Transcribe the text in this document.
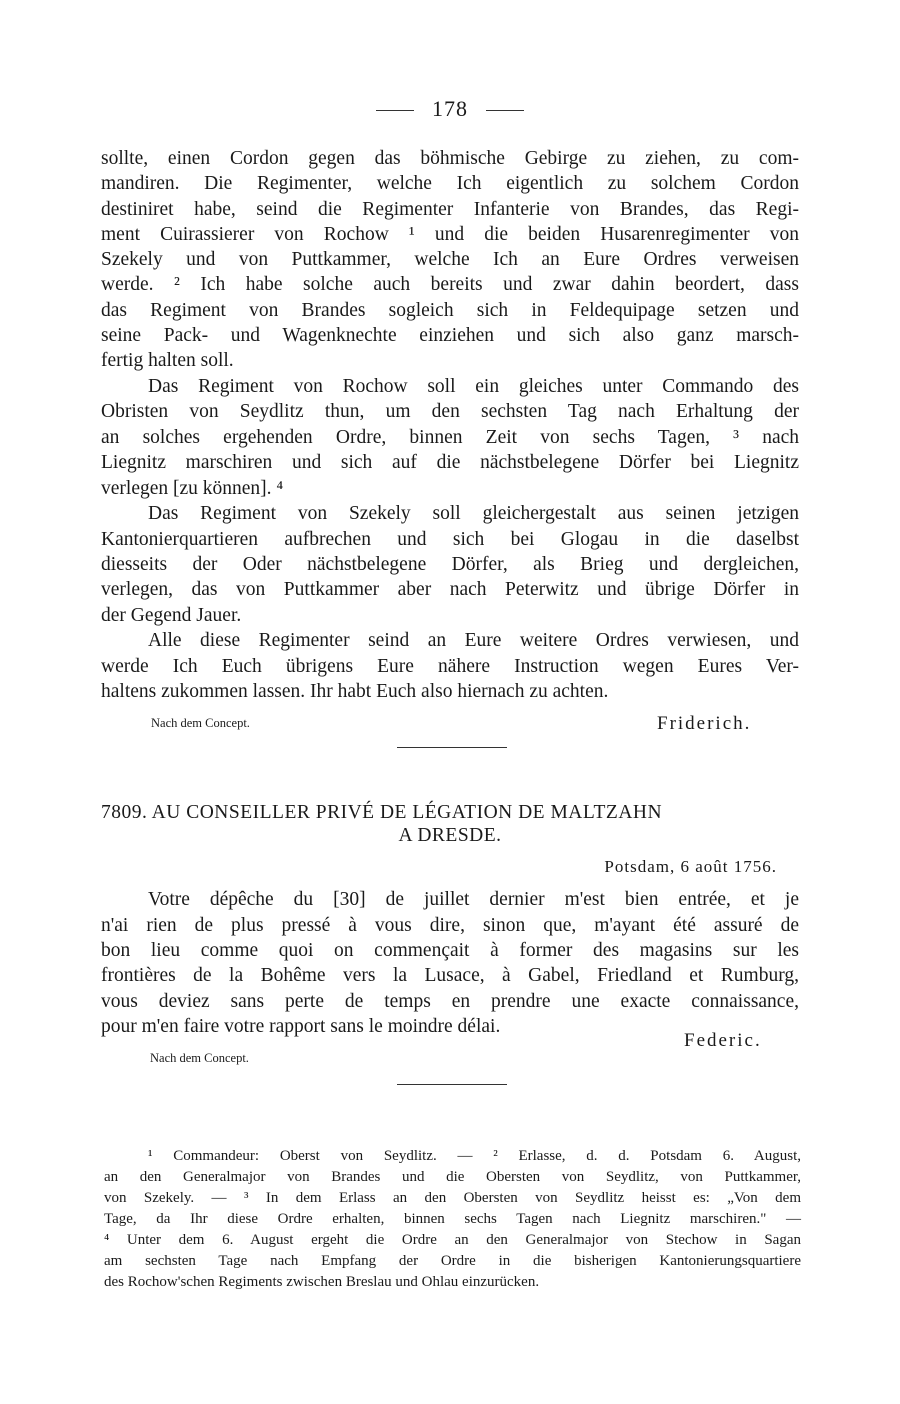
178
sollte, einen Cordon gegen das böhmische Gebirge zu ziehen, zu com-
mandiren. Die Regimenter, welche Ich eigentlich zu solchem Cordon
destiniret habe, seind die Regimenter Infanterie von Brandes, das Regi-
ment Cuirassierer von Rochow ¹ und die beiden Husarenregimenter von
Szekely und von Puttkammer, welche Ich an Eure Ordres verweisen
werde. ² Ich habe solche auch bereits und zwar dahin beordert, dass
das Regiment von Brandes sogleich sich in Feldequipage setzen und
seine Pack- und Wagenknechte einziehen und sich also ganz marsch-
fertig halten soll.
Das Regiment von Rochow soll ein gleiches unter Commando des
Obristen von Seydlitz thun, um den sechsten Tag nach Erhaltung der
an solches ergehenden Ordre, binnen Zeit von sechs Tagen, ³ nach
Liegnitz marschiren und sich auf die nächstbelegene Dörfer bei Liegnitz
verlegen [zu können]. ⁴
Das Regiment von Szekely soll gleichergestalt aus seinen jetzigen
Kantonierquartieren aufbrechen und sich bei Glogau in die daselbst
diesseits der Oder nächstbelegene Dörfer, als Brieg und dergleichen,
verlegen, das von Puttkammer aber nach Peterwitz und übrige Dörfer in
der Gegend Jauer.
Alle diese Regimenter seind an Eure weitere Ordres verwiesen, und
werde Ich Euch übrigens Eure nähere Instruction wegen Eures Ver-
haltens zukommen lassen. Ihr habt Euch also hiernach zu achten.
Nach dem Concept.	Friderich.
7809. AU CONSEILLER PRIVÉ DE LÉGATION DE MALTZAHN
A DRESDE.
Potsdam, 6 août 1756.
Votre dépêche du [30] de juillet dernier m'est bien entrée, et je
n'ai rien de plus pressé à vous dire, sinon que, m'ayant été assuré de
bon lieu comme quoi on commençait à former des magasins sur les
frontières de la Bohême vers la Lusace, à Gabel, Friedland et Rumburg,
vous deviez sans perte de temps en prendre une exacte connaissance,
pour m'en faire votre rapport sans le moindre délai.
Federic.
Nach dem Concept.
¹ Commandeur: Oberst von Seydlitz. — ² Erlasse, d. d. Potsdam 6. August,
an den Generalmajor von Brandes und die Obersten von Seydlitz, von Puttkammer,
von Szekely. — ³ In dem Erlass an den Obersten von Seydlitz heisst es: „Von dem
Tage, da Ihr diese Ordre erhalten, binnen sechs Tagen nach Liegnitz marschiren." —
⁴ Unter dem 6. August ergeht die Ordre an den Generalmajor von Stechow in Sagan
am sechsten Tage nach Empfang der Ordre in die bisherigen Kantonierungsquartiere
des Rochow'schen Regiments zwischen Breslau und Ohlau einzurücken.
